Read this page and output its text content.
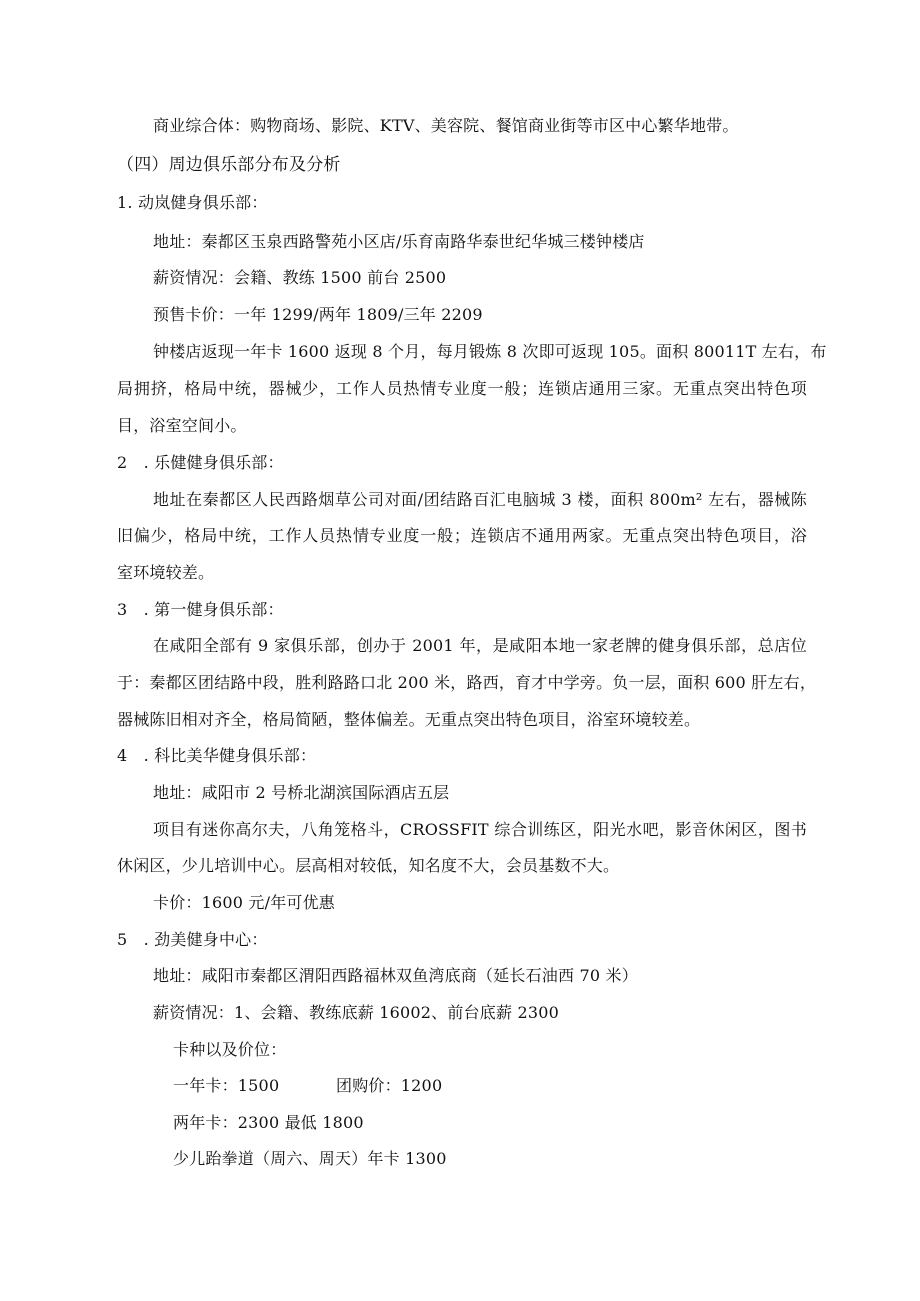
商业综合体：购物商场、影院、KTV、美容院、餐馆商业街等市区中心繁华地带。
（四）周边俱乐部分布及分析
1. 动岚健身俱乐部：
地址：秦都区玉泉西路警苑小区店/乐育南路华泰世纪华城三楼钟楼店
薪资情况：会籍、教练 1500 前台 2500
预售卡价：一年 1299/两年 1809/三年 2209
钟楼店返现一年卡 1600 返现 8 个月，每月锻炼 8 次即可返现 105。面积 80011T 左右，布
局拥挤，格局中统，器械少，工作人员热情专业度一般；连锁店通用三家。无重点突出特色项
目，浴室空间小。
2　. 乐健健身俱乐部：
地址在秦都区人民西路烟草公司对面/团结路百汇电脑城 3 楼，面积 800m² 左右，器械陈
旧偏少，格局中统，工作人员热情专业度一般；连锁店不通用两家。无重点突出特色项目，浴
室环境较差。
3　. 第一健身俱乐部：
在咸阳全部有 9 家俱乐部，创办于 2001 年，是咸阳本地一家老牌的健身俱乐部，总店位
于：秦都区团结路中段，胜利路路口北 200 米，路西，育才中学旁。负一层，面积 600 肝左右，
器械陈旧相对齐全，格局简陋，整体偏差。无重点突出特色项目，浴室环境较差。
4　. 科比美华健身俱乐部：
地址：咸阳市 2 号桥北湖滨国际酒店五层
项目有迷你高尔夫，八角笼格斗，CROSSFIT 综合训练区，阳光水吧，影音休闲区，图书
休闲区，少儿培训中心。层高相对较低，知名度不大，会员基数不大。
卡价：1600 元/年可优惠
5　. 劲美健身中心：
地址：咸阳市秦都区渭阳西路福林双鱼湾底商（延长石油西 70 米）
薪资情况：1、会籍、教练底薪 16002、前台底薪 2300
卡种以及价位：
一年卡：1500	团购价：1200
两年卡：2300 最低 1800
少儿跆拳道（周六、周天）年卡 1300
